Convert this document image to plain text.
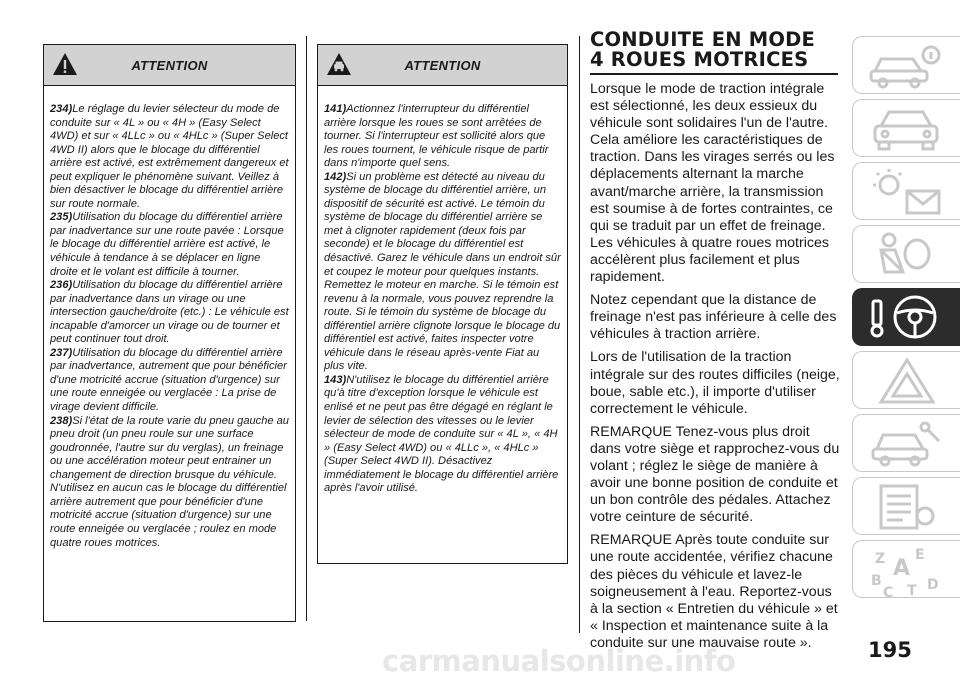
ATTENTION

234)Le réglage du levier sélecteur du mode de conduite sur « 4L » ou « 4H » (Easy Select 4WD) et sur « 4LLc » ou « 4HLc » (Super Select 4WD II) alors que le blocage du différentiel arrière est activé, est extrêmement dangereux et peut expliquer le phénomène suivant. Veillez à bien désactiver le blocage du différentiel arrière sur route normale.

235)Utilisation du blocage du différentiel arrière par inadvertance sur une route pavée : Lorsque le blocage du différentiel arrière est activé, le véhicule à tendance à se déplacer en ligne droite et le volant est difficile à tourner.

236)Utilisation du blocage du différentiel arrière par inadvertance dans un virage ou une intersection gauche/droite (etc.) : Le véhicule est incapable d'amorcer un virage ou de tourner et peut continuer tout droit.

237)Utilisation du blocage du différentiel arrière par inadvertance, autrement que pour bénéficier d'une motricité accrue (situation d'urgence) sur une route enneigée ou verglacée : La prise de virage devient difficile.

238)Si l'état de la route varie du pneu gauche au pneu droit (un pneu roule sur une surface goudronnée, l'autre sur du verglas), un freinage ou une accélération moteur peut entrainer un changement de direction brusque du véhicule. N'utilisez en aucun cas le blocage du différentiel arrière autrement que pour bénéficier d'une motricité accrue (situation d'urgence) sur une route enneigée ou verglacée ; roulez en mode quatre roues motrices.

ATTENTION

141)Actionnez l'interrupteur du différentiel arrière lorsque les roues se sont arrêtées de tourner. Si l'interrupteur est sollicité alors que les roues tournent, le véhicule risque de partir dans n'importe quel sens.

142)Si un problème est détecté au niveau du système de blocage du différentiel arrière, un dispositif de sécurité est activé. Le témoin du système de blocage du différentiel arrière se met à clignoter rapidement (deux fois par seconde) et le blocage du différentiel est désactivé. Garez le véhicule dans un endroit sûr et coupez le moteur pour quelques instants. Remettez le moteur en marche. Si le témoin est revenu à la normale, vous pouvez reprendre la route. Si le témoin du système de blocage du différentiel arrière clignote lorsque le blocage du différentiel est activé, faites inspecter votre véhicule dans le réseau après-vente Fiat au plus vite.

143)N'utilisez le blocage du différentiel arrière qu'à titre d'exception lorsque le véhicule est enlisé et ne peut pas être dégagé en réglant le levier de sélection des vitesses ou le levier sélecteur de mode de conduite sur « 4L », « 4H » (Easy Select 4WD) ou « 4LLc », « 4HLc » (Super Select 4WD II). Désactivez immédiatement le blocage du différentiel arrière après l'avoir utilisé.

CONDUITE EN MODE
4 ROUES MOTRICES

Lorsque le mode de traction intégrale est sélectionné, les deux essieux du véhicule sont solidaires l'un de l'autre. Cela améliore les caractéristiques de traction. Dans les virages serrés ou les déplacements alternant la marche avant/marche arrière, la transmission est soumise à de fortes contraintes, ce qui se traduit par un effet de freinage. Les véhicules à quatre roues motrices accélèrent plus facilement et plus rapidement.

Notez cependant que la distance de freinage n'est pas inférieure à celle des véhicules à traction arrière.

Lors de l'utilisation de la traction intégrale sur des routes difficiles (neige, boue, sable etc.), il importe d'utiliser correctement le véhicule.

REMARQUE Tenez-vous plus droit dans votre siège et rapprochez-vous du volant ; réglez le siège de manière à avoir une bonne position de conduite et un bon contrôle des pédales. Attachez votre ceinture de sécurité.

REMARQUE Après toute conduite sur une route accidentée, vérifiez chacune des pièces du véhicule et lavez-le soigneusement à l'eau. Reportez-vous à la section « Entretien du véhicule » et « Inspection et maintenance suite à la conduite sur une mauvaise route ».

Z E
B A
C T D
carmanualsonline.info	195
